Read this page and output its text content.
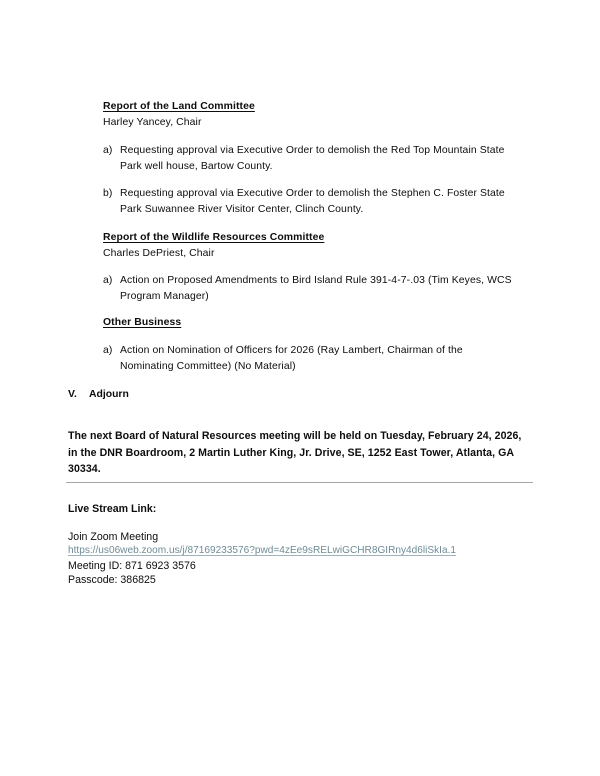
Report of the Land Committee
Harley Yancey, Chair
a) Requesting approval via Executive Order to demolish the Red Top Mountain State Park well house, Bartow County.
b) Requesting approval via Executive Order to demolish the Stephen C. Foster State Park Suwannee River Visitor Center, Clinch County.
Report of the Wildlife Resources Committee
Charles DePriest, Chair
a) Action on Proposed Amendments to Bird Island Rule 391-4-7-.03 (Tim Keyes, WCS Program Manager)
Other Business
a) Action on Nomination of Officers for 2026 (Ray Lambert, Chairman of the Nominating Committee) (No Material)
V.	Adjourn
The next Board of Natural Resources meeting will be held on Tuesday, February 24, 2026, in the DNR Boardroom, 2 Martin Luther King, Jr. Drive, SE, 1252 East Tower, Atlanta, GA 30334.
Live Stream Link:
Join Zoom Meeting
https://us06web.zoom.us/j/87169233576?pwd=4zEe9sRELwiGCHR8GIRny4d6liSkIa.1
Meeting ID: 871 6923 3576
Passcode: 386825
